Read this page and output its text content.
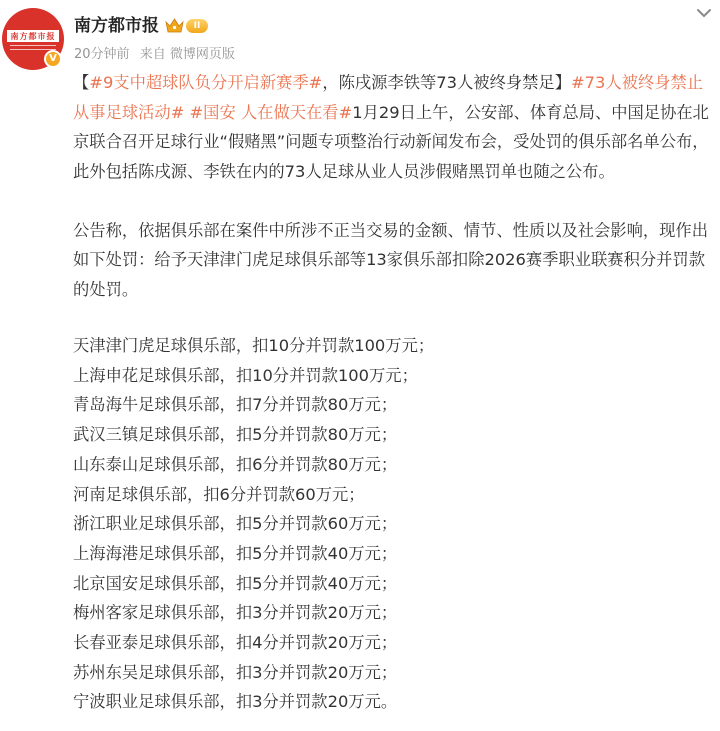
南方都市报
V
南方都市报	II
20分钟前 来自 微博网页版

【#9支中超球队负分开启新赛季#，陈戌源李铁等73人被终身禁足】#73人被终身禁止从事足球活动# #国安 人在做天在看#1月29日上午，公安部、体育总局、中国足协在北京联合召开足球行业“假赌黑”问题专项整治行动新闻发布会，受处罚的俱乐部名单公布，此外包括陈戌源、李铁在内的73人足球从业人员涉假赌黑罚单也随之公布。

公告称，依据俱乐部在案件中所涉不正当交易的金额、情节、性质以及社会影响，现作出如下处罚：给予天津津门虎足球俱乐部等13家俱乐部扣除2026赛季职业联赛积分并罚款的处罚。

天津津门虎足球俱乐部，扣10分并罚款100万元；
上海申花足球俱乐部，扣10分并罚款100万元；
青岛海牛足球俱乐部，扣7分并罚款80万元；
武汉三镇足球俱乐部，扣5分并罚款80万元；
山东泰山足球俱乐部，扣6分并罚款80万元；
河南足球俱乐部，扣6分并罚款60万元；
浙江职业足球俱乐部，扣5分并罚款60万元；
上海海港足球俱乐部，扣5分并罚款40万元；
北京国安足球俱乐部，扣5分并罚款40万元；
梅州客家足球俱乐部，扣3分并罚款20万元；
长春亚泰足球俱乐部，扣4分并罚款20万元；
苏州东吴足球俱乐部，扣3分并罚款20万元；
宁波职业足球俱乐部，扣3分并罚款20万元。
